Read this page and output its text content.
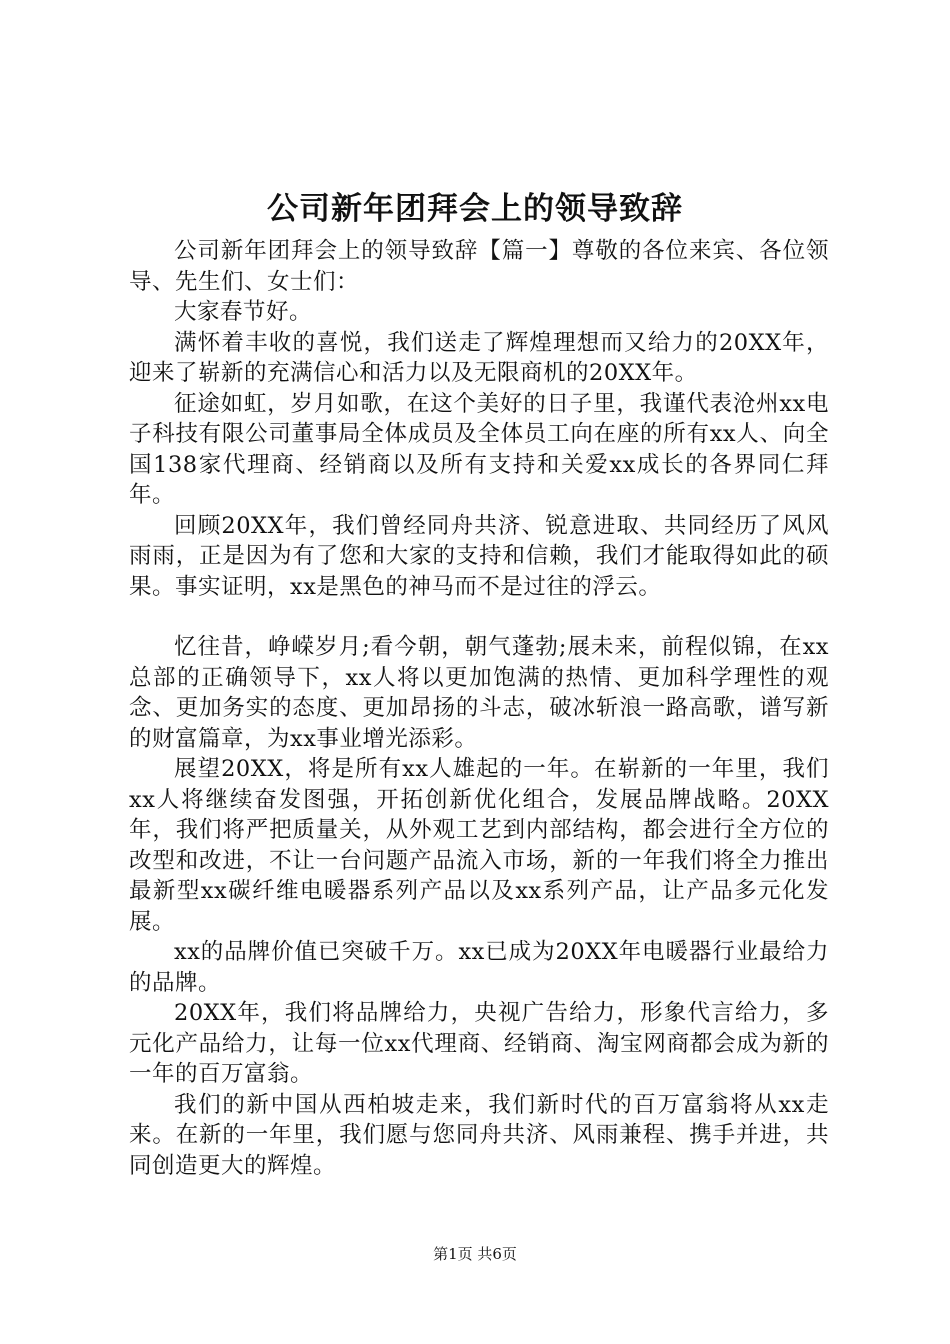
公司新年团拜会上的领导致辞

公司新年团拜会上的领导致辞【篇一】尊敬的各位来宾、各位领导、先生们、女士们：

大家春节好。

满怀着丰收的喜悦，我们送走了辉煌理想而又给力的20XX年，迎来了崭新的充满信心和活力以及无限商机的20XX年。

征途如虹，岁月如歌，在这个美好的日子里，我谨代表沧州xx电子科技有限公司董事局全体成员及全体员工向在座的所有xx人、向全国138家代理商、经销商以及所有支持和关爱xx成长的各界同仁拜年。

回顾20XX年，我们曾经同舟共济、锐意进取、共同经历了风风雨雨，正是因为有了您和大家的支持和信赖，我们才能取得如此的硕果。事实证明，xx是黑色的神马而不是过往的浮云。

忆往昔，峥嵘岁月;看今朝，朝气蓬勃;展未来，前程似锦，在xx总部的正确领导下，xx人将以更加饱满的热情、更加科学理性的观念、更加务实的态度、更加昂扬的斗志，破冰斩浪一路高歌，谱写新的财富篇章，为xx事业增光添彩。

展望20XX，将是所有xx人雄起的一年。在崭新的一年里，我们xx人将继续奋发图强，开拓创新优化组合，发展品牌战略。20XX年，我们将严把质量关，从外观工艺到内部结构，都会进行全方位的改型和改进，不让一台问题产品流入市场，新的一年我们将全力推出最新型xx碳纤维电暖器系列产品以及xx系列产品，让产品多元化发展。

xx的品牌价值已突破千万。xx已成为20XX年电暖器行业最给力的品牌。

20XX年，我们将品牌给力，央视广告给力，形象代言给力，多元化产品给力，让每一位xx代理商、经销商、淘宝网商都会成为新的一年的百万富翁。

我们的新中国从西柏坡走来，我们新时代的百万富翁将从xx走来。在新的一年里，我们愿与您同舟共济、风雨兼程、携手并进，共同创造更大的辉煌。

第1页 共6页
